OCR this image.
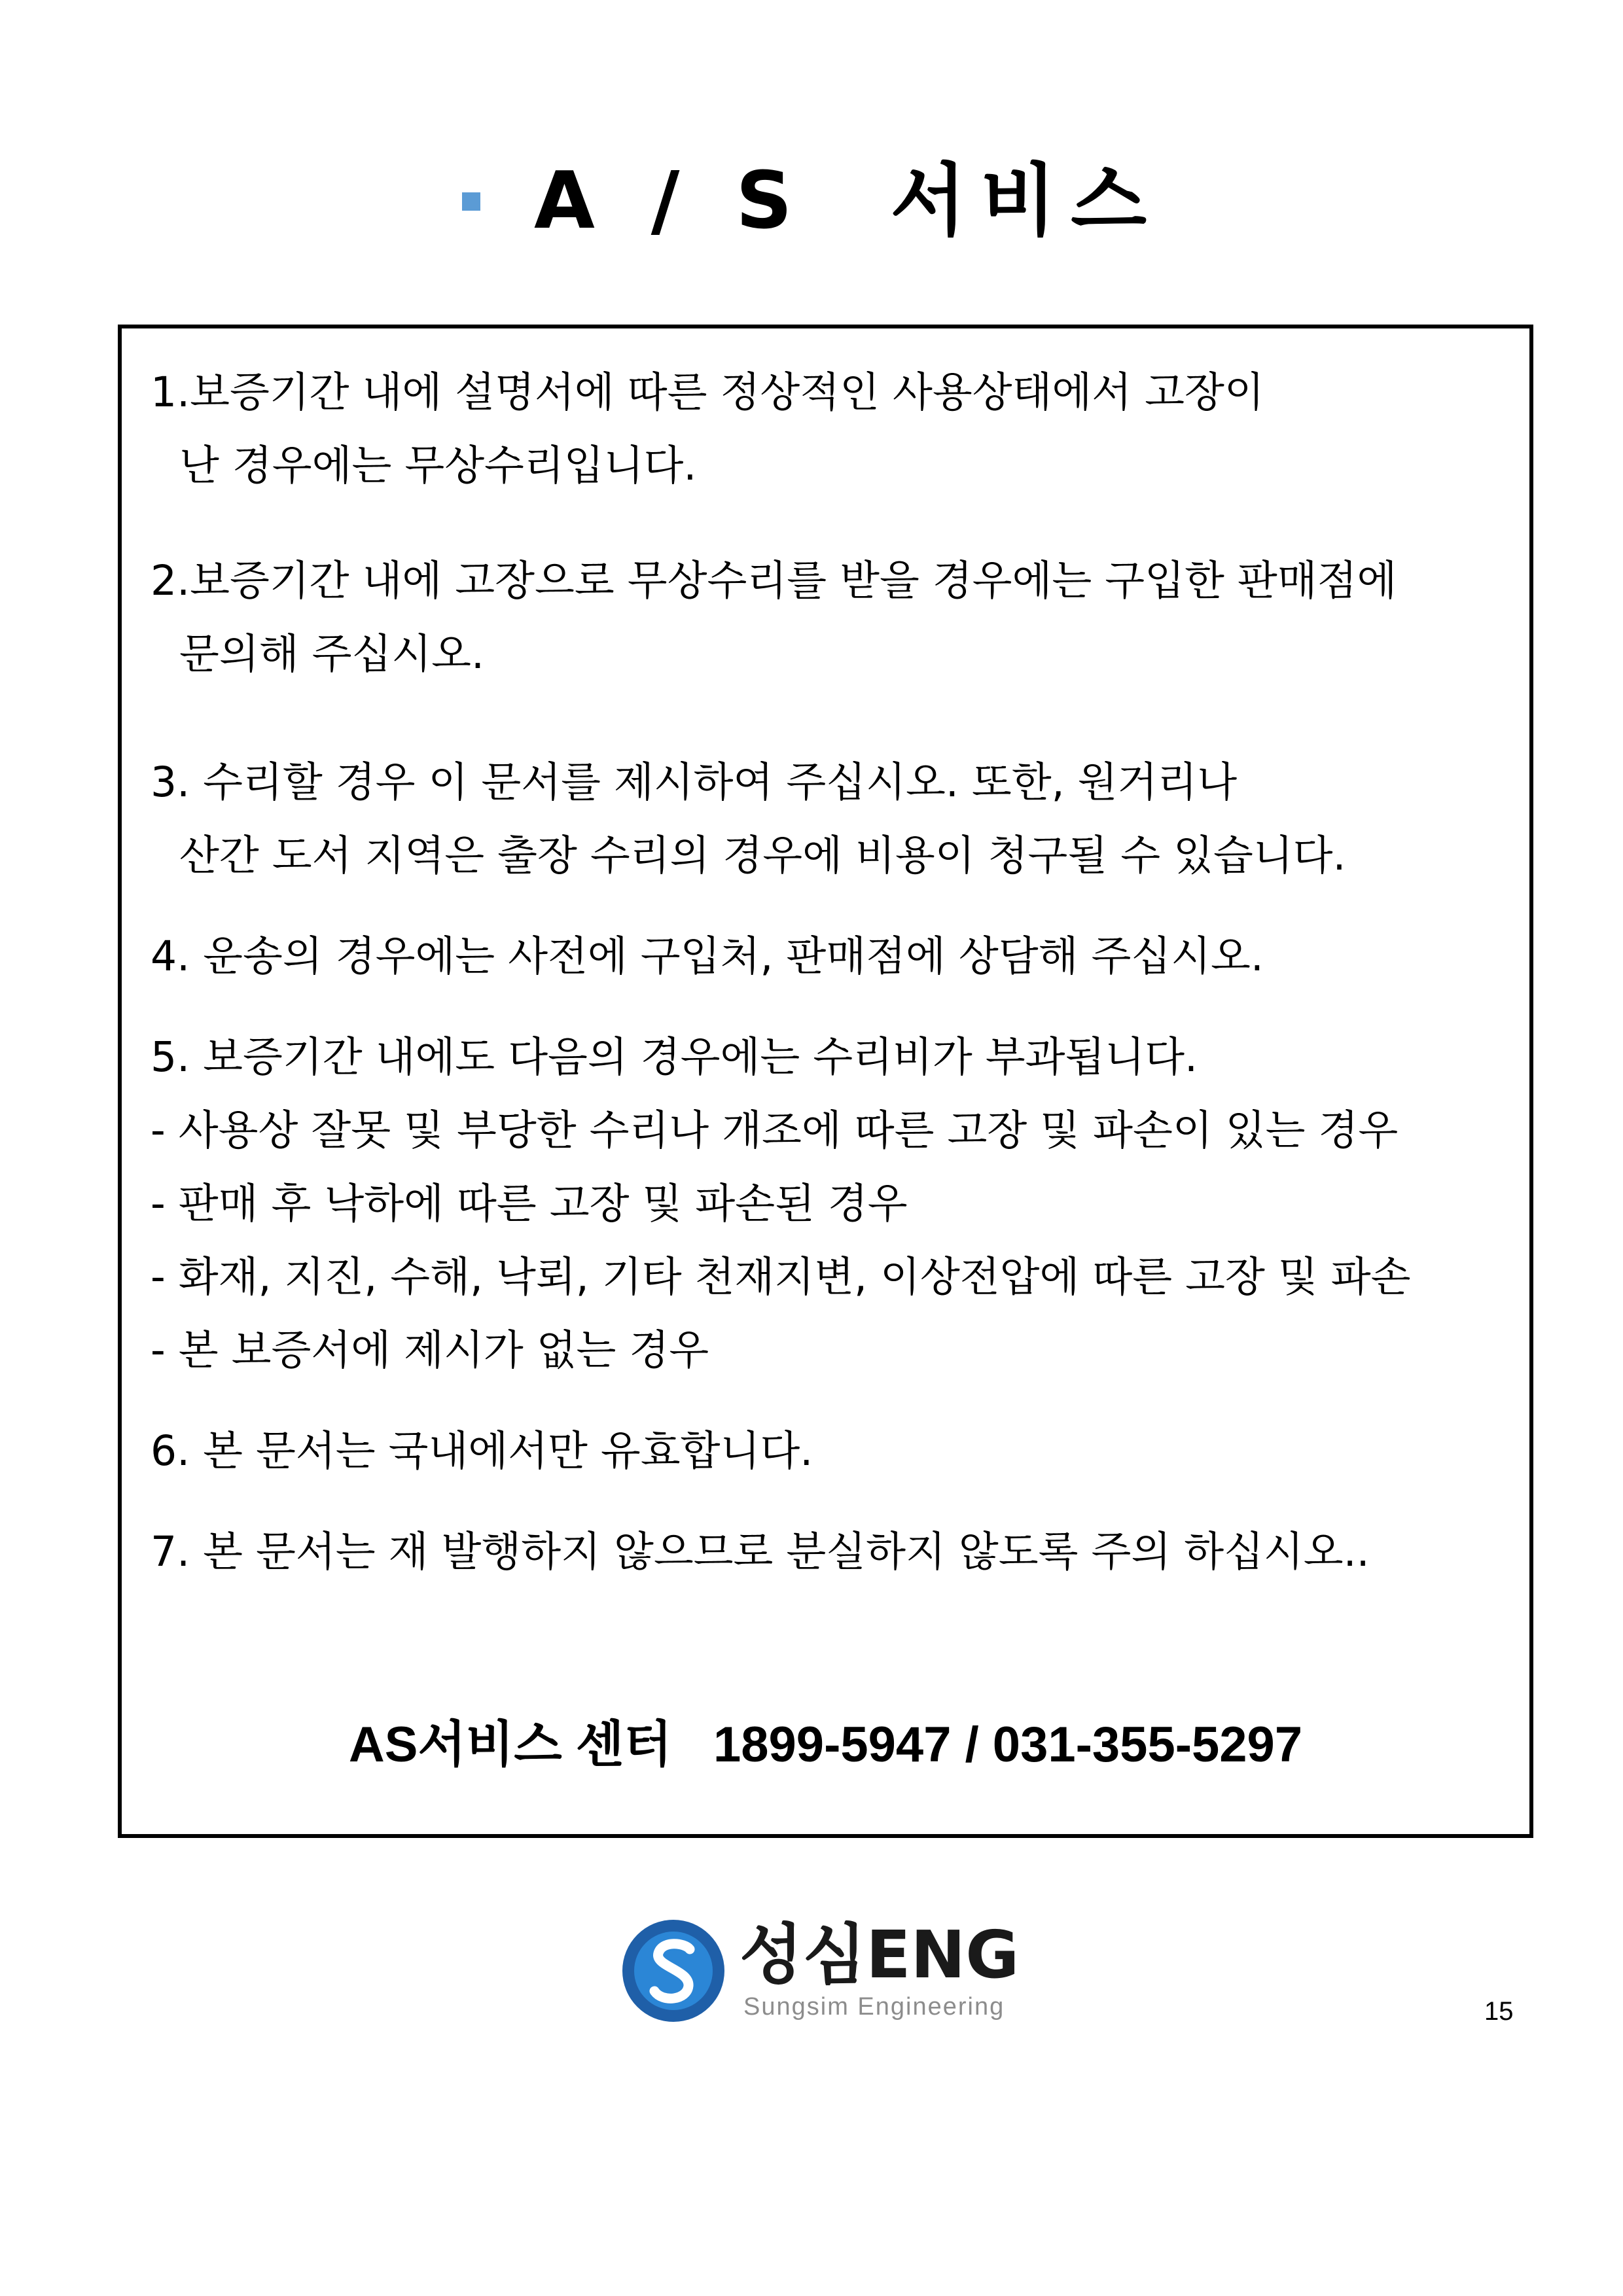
A / S  서비스
1.보증기간 내에 설명서에 따른 정상적인 사용상태에서 고장이
난 경우에는 무상수리입니다.
2.보증기간 내에 고장으로 무상수리를 받을 경우에는 구입한 판매점에
문의해 주십시오.
3. 수리할 경우 이 문서를 제시하여 주십시오. 또한, 원거리나
산간 도서 지역은 출장 수리의 경우에 비용이 청구될 수 있습니다.
4. 운송의 경우에는 사전에 구입처, 판매점에 상담해 주십시오.
5. 보증기간 내에도 다음의 경우에는 수리비가 부과됩니다.
- 사용상 잘못 및 부당한 수리나 개조에 따른 고장 및 파손이 있는 경우
- 판매 후 낙하에 따른 고장 및 파손된 경우
- 화재, 지진, 수해, 낙뢰, 기타 천재지변, 이상전압에 따른 고장 및 파손
- 본 보증서에 제시가 없는 경우
6. 본 문서는 국내에서만 유효합니다.
7. 본 문서는 재 발행하지 않으므로 분실하지 않도록 주의 하십시오..
AS서비스 센터   1899-5947 / 031-355-5297
성심ENG
Sungsim Engineering	15
